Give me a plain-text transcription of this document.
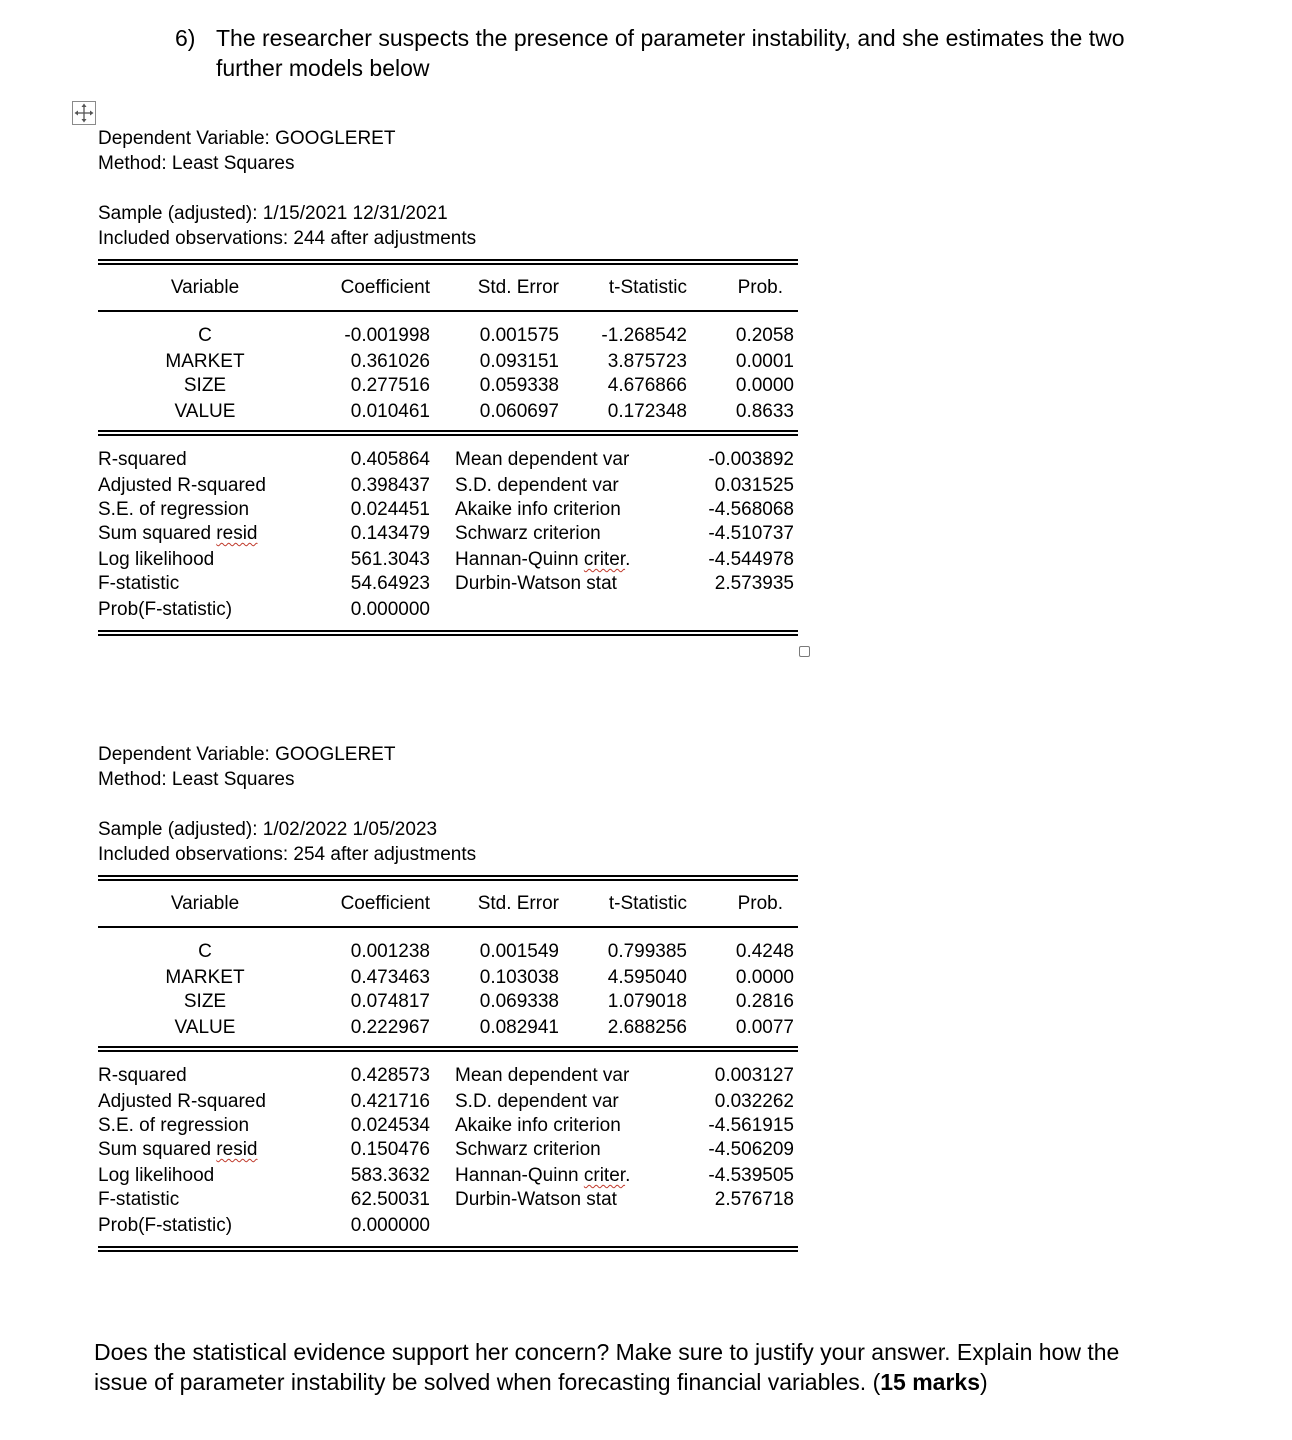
6) The researcher suspects the presence of parameter instability, and she estimates the two
further models below
Dependent Variable: GOOGLERET
Method: Least Squares
Sample (adjusted): 1/15/2021 12/31/2021
Included observations: 244 after adjustments
Variable	Coefficient	Std. Error	t-Statistic	Prob.
C	-0.001998	0.001575	-1.268542	0.2058
MARKET	0.361026	0.093151	3.875723	0.0001
SIZE	0.277516	0.059338	4.676866	0.0000
VALUE	0.010461	0.060697	0.172348	0.8633
R-squared	0.405864 Mean dependent var	-0.003892
Adjusted R-squared	0.398437 S.D. dependent var	0.031525
S.E. of regression	0.024451 Akaike info criterion	-4.568068
Sum squared resid	0.143479 Schwarz criterion	-4.510737
Log likelihood	561.3043 Hannan-Quinn criter.	-4.544978
F-statistic	54.64923 Durbin-Watson stat	2.573935
Prob(F-statistic)	0.000000
Dependent Variable: GOOGLERET
Method: Least Squares
Sample (adjusted): 1/02/2022 1/05/2023
Included observations: 254 after adjustments
Variable	Coefficient	Std. Error	t-Statistic	Prob.
C	0.001238	0.001549	0.799385	0.4248
MARKET	0.473463	0.103038	4.595040	0.0000
SIZE	0.074817	0.069338	1.079018	0.2816
VALUE	0.222967	0.082941	2.688256	0.0077
R-squared	0.428573 Mean dependent var	0.003127
Adjusted R-squared	0.421716 S.D. dependent var	0.032262
S.E. of regression	0.024534 Akaike info criterion	-4.561915
Sum squared resid	0.150476 Schwarz criterion	-4.506209
Log likelihood	583.3632 Hannan-Quinn criter.	-4.539505
F-statistic	62.50031 Durbin-Watson stat	2.576718
Prob(F-statistic)	0.000000
Does the statistical evidence support her concern? Make sure to justify your answer. Explain how the
issue of parameter instability be solved when forecasting financial variables. (15 marks)
